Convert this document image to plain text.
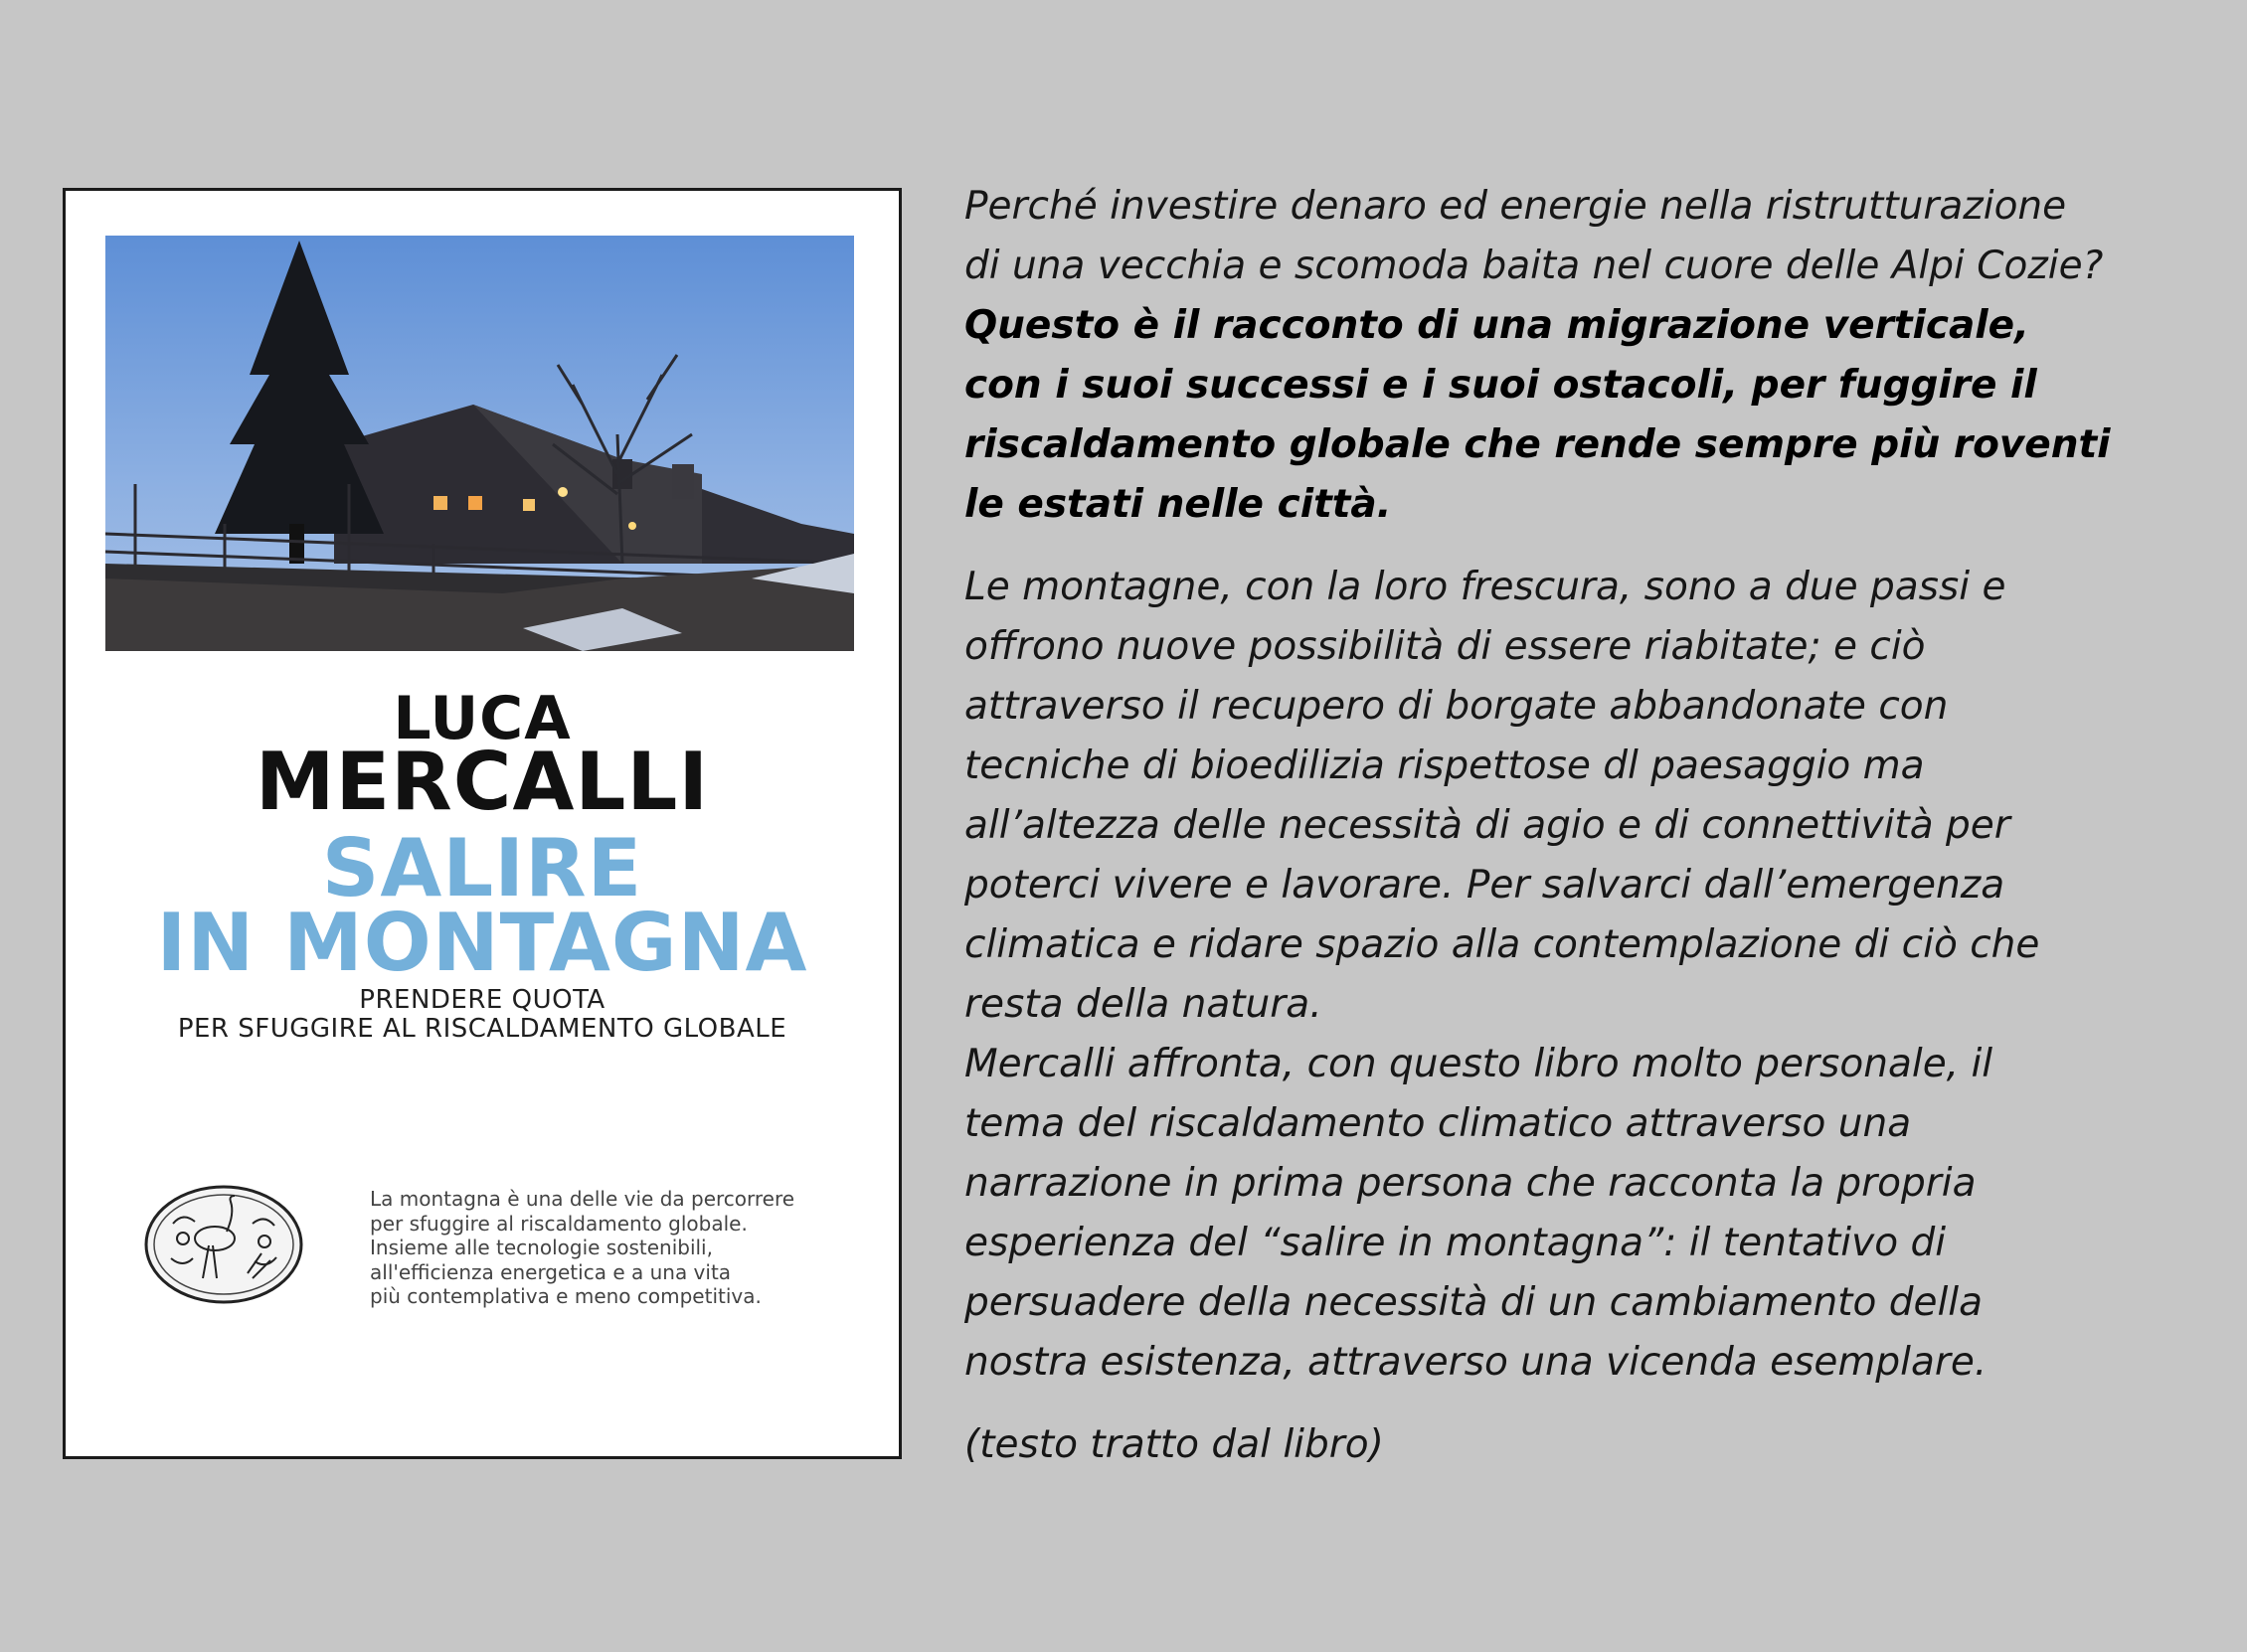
LUCA
MERCALLI
SALIRE
IN MONTAGNA
PRENDERE QUOTA
PER SFUGGIRE AL RISCALDAMENTO GLOBALE
La montagna è una delle vie da percorrere
per sfuggire al riscaldamento globale.
Insieme alle tecnologie sostenibili,
all'efficienza energetica e a una vita
più contemplativa e meno competitiva.
Perché investire denaro ed energie nella ristrutturazione
di una vecchia e scomoda baita nel cuore delle Alpi Cozie?
Questo è il racconto di una migrazione verticale,
con i suoi successi e i suoi ostacoli, per fuggire il
riscaldamento globale che rende sempre più roventi
le estati nelle città.
Le montagne, con la loro frescura, sono a due passi e
offrono nuove possibilità di essere riabitate; e ciò
attraverso il recupero di borgate abbandonate con
tecniche di bioedilizia rispettose dl paesaggio ma
all’altezza delle necessità di agio e di connettività per
poterci vivere e lavorare. Per salvarci dall’emergenza
climatica e ridare spazio alla contemplazione di ciò che
resta della natura.
Mercalli affronta, con questo libro molto personale, il
tema del riscaldamento climatico attraverso una
narrazione in prima persona che racconta la propria
esperienza del “salire in montagna”: il tentativo di
persuadere della necessità di un cambiamento della
nostra esistenza, attraverso una vicenda esemplare.
(testo tratto dal libro)
